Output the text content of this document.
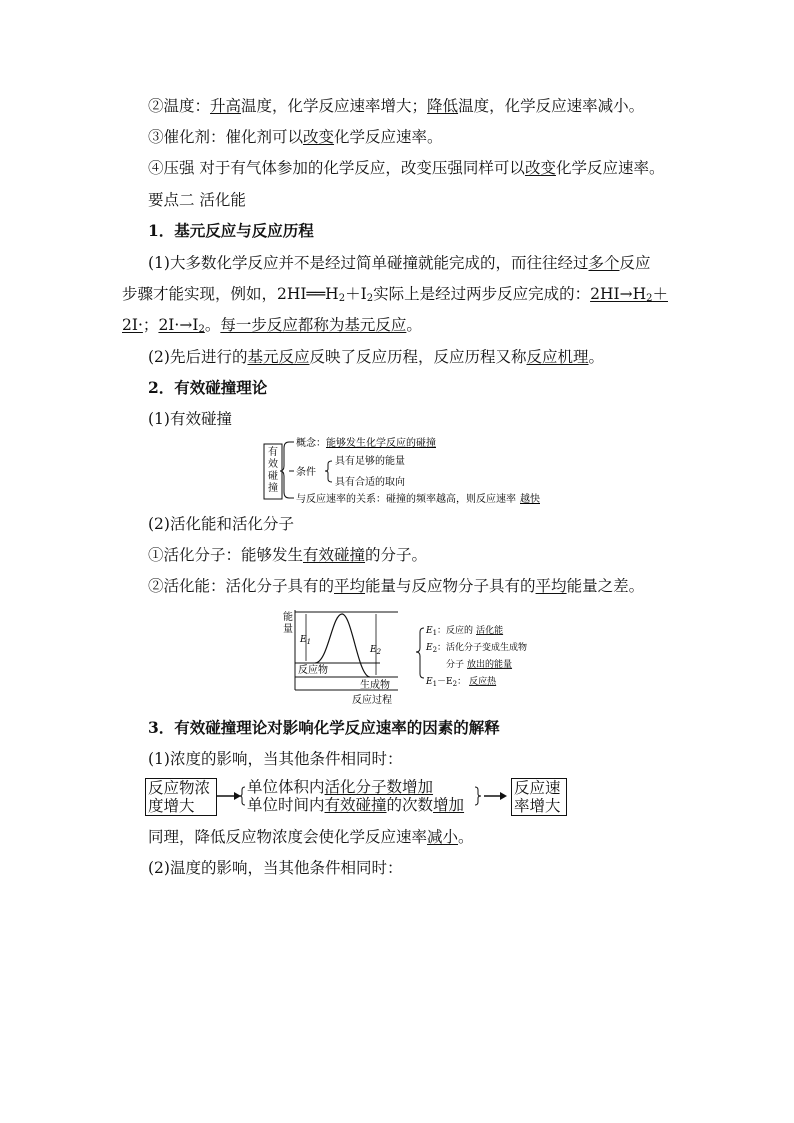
②温度：升高温度，化学反应速率增大；降低温度，化学反应速率减小。
③催化剂：催化剂可以改变化学反应速率。
④压强 对于有气体参加的化学反应，改变压强同样可以改变化学反应速率。
要点二 活化能
1．基元反应与反应历程
(1)大多数化学反应并不是经过简单碰撞就能完成的，而往往经过多个反应
步骤才能实现，例如，$2HI══H_2+I_2$实际上是经过两步反应完成的：$2HI\to H_2+$
2I·；$2I\cdot\to I_2$。每一步反应都称为基元反应。
(2)先后进行的基元反应反映了反应历程，反应历程又称反应机理。
2．有效碰撞理论
(1)有效碰撞
有
效
碰
撞
概念：能够发生化学反应的碰撞
条件
具有足够的能量
具有合适的取向
与反应速率的关系：碰撞的频率越高，则反应速率 越快
(2)活化能和活化分子
①活化分子：能够发生有效碰撞的分子。
②活化能：活化分子具有的平均能量与反应物分子具有的平均能量之差。
能
量
$E_1$
$E_2$
反应物
生成物
反应过程
$E_1$：反应的 活化能
$E_2$：活化分子变成生成物
分子 放出的能量
$E_1-E_2$： 反应热
3．有效碰撞理论对影响化学反应速率的因素的解释
(1)浓度的影响，当其他条件相同时：
反应物浓
度增大
单位体积内活化分子数增加
单位时间内有效碰撞的次数增加
反应速
率增大
同理，降低反应物浓度会使化学反应速率减小。
(2)温度的影响，当其他条件相同时：
